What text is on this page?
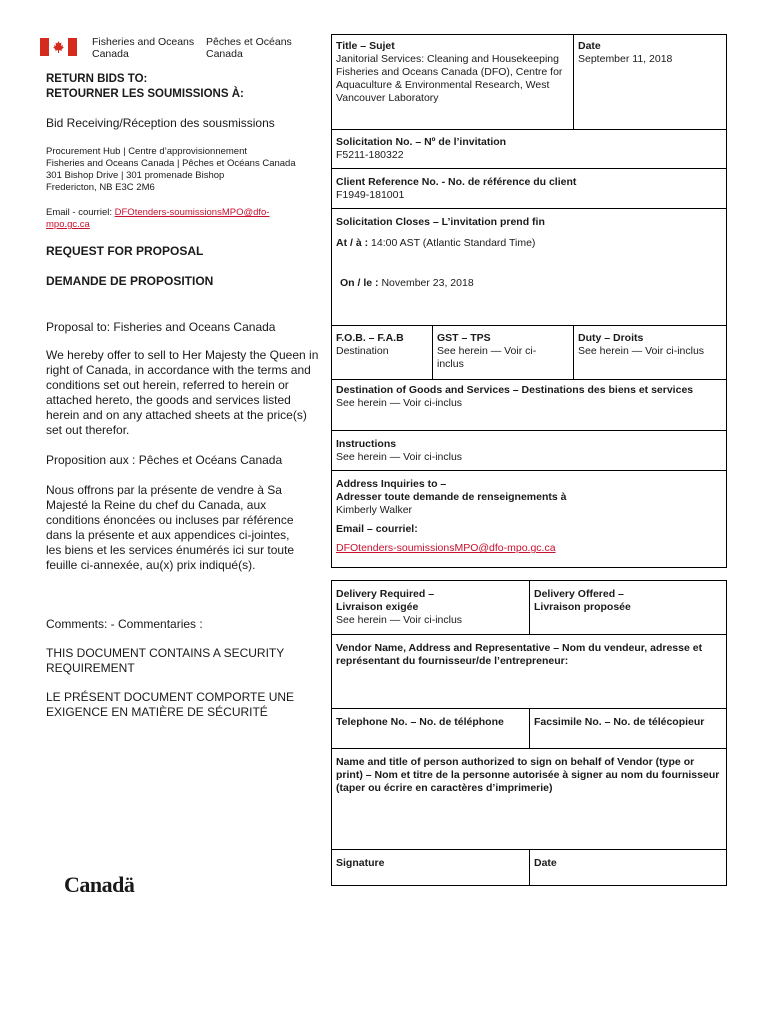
Fisheries and Oceans
Canada
Pêches et Océans
Canada
RETURN BIDS TO:
RETOURNER LES SOUMISSIONS À:
Bid Receiving/Réception des sousmissions
Procurement Hub | Centre d’approvisionnement
Fisheries and Oceans Canada | Pêches et Océans Canada
301 Bishop Drive | 301 promenade Bishop
Fredericton, NB E3C 2M6
Email - courriel: DFOtenders-soumissionsMPO@dfo-
mpo.gc.ca
REQUEST FOR PROPOSAL
DEMANDE DE PROPOSITION
Proposal to: Fisheries and Oceans Canada
We hereby offer to sell to Her Majesty the Queen in right of Canada, in accordance with the terms and conditions set out herein, referred to herein or attached hereto, the goods and services listed herein and on any attached sheets at the price(s) set out therefor.
Proposition aux : Pêches et Océans Canada
Nous offrons par la présente de vendre à Sa Majesté la Reine du chef du Canada, aux conditions énoncées ou incluses par référence dans la présente et aux appendices ci-jointes, les biens et les services énumérés ici sur toute feuille ci-annexée, au(x) prix indiqué(s).
Comments: - Commentaries :
THIS DOCUMENT CONTAINS A SECURITY REQUIREMENT
LE PRÉSENT DOCUMENT COMPORTE UNE EXIGENCE EN MATIÈRE DE SÉCURITÉ
Canadä
Title – Sujet
Janitorial Services: Cleaning and Housekeeping Fisheries and Oceans Canada (DFO), Centre for Aquaculture & Environmental Research, West Vancouver Laboratory
Date
September 11, 2018
Solicitation No. – Nº de l’invitation
F5211-180322
Client Reference No. - No. de référence du client
F1949-181001
Solicitation Closes – L’invitation prend fin
At / à : 14:00 AST (Atlantic Standard Time)
On / le : November 23, 2018
F.O.B. – F.A.B
Destination
GST – TPS
See herein — Voir ci-inclus
Duty – Droits
See herein — Voir ci-inclus
Destination of Goods and Services – Destinations des biens et services
See herein — Voir ci-inclus
Instructions
See herein — Voir ci-inclus
Address Inquiries to –
Adresser toute demande de renseignements à
Kimberly Walker
Email – courriel:
DFOtenders-soumissionsMPO@dfo-mpo.gc.ca
Delivery Required –
Livraison exigée
See herein — Voir ci-inclus
Delivery Offered –
Livraison proposée
Vendor Name, Address and Representative – Nom du vendeur, adresse et représentant du fournisseur/de l’entrepreneur:
Telephone No. – No. de téléphone	Facsimile No. – No. de télécopieur
Name and title of person authorized to sign on behalf of Vendor (type or print) – Nom et titre de la personne autorisée à signer au nom du fournisseur (taper ou écrire en caractères d’imprimerie)
Signature	Date
